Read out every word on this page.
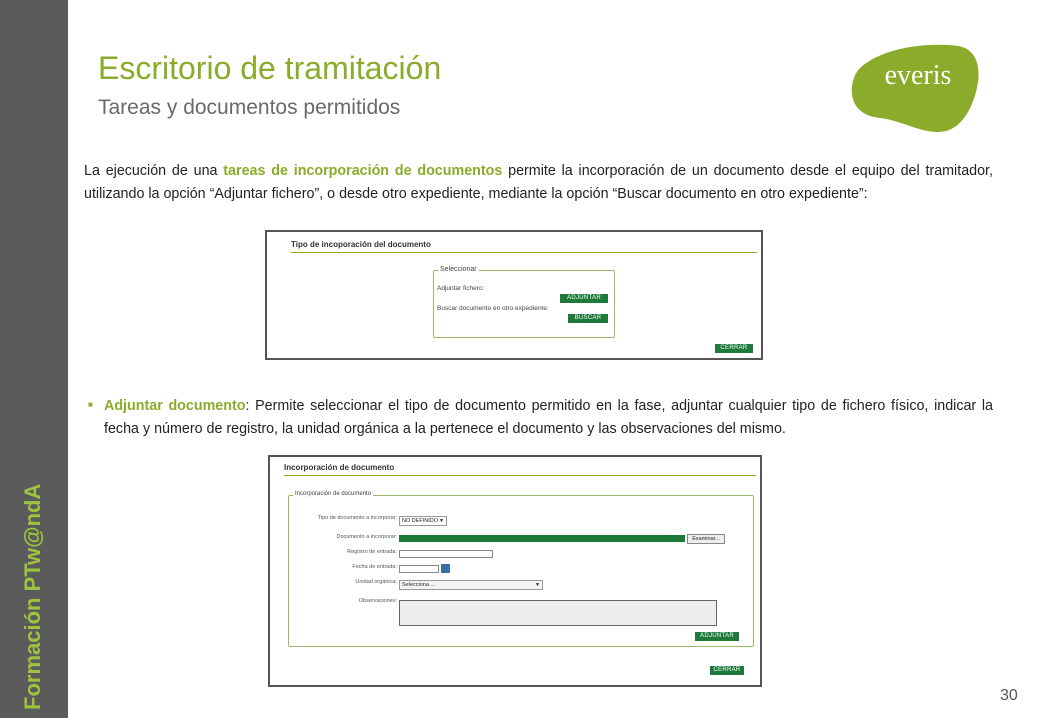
Formación PTw@ndA
Escritorio de tramitación
Tareas y documentos permitidos
everis
La ejecución de una tareas de incorporación de documentos permite la incorporación de un documento desde el equipo del tramitador, utilizando la opción “Adjuntar fichero”, o desde otro expediente, mediante la opción “Buscar documento en otro expediente”:
Tipo de incoporación del documento
Seleccionar
Adjuntar fichero:
ADJUNTAR
Buscar documento en otro expediente:
BUSCAR
CERRAR
■ Adjuntar documento: Permite seleccionar el tipo de documento permitido en la fase, adjuntar cualquier tipo de fichero físico, indicar la fecha y número de registro, la unidad orgánica a la pertenece el documento y las observaciones del mismo.
Incorporación de documento
Incorporación de documento
Tipo de documento a incorporar: NO DEFINIDO ▼
Documento a incorporar:	Examinar...
Registro de entrada:
Fecha de entrada:
Unidad orgánica: Selecciona ...	▼
Observaciones:
ADJUNTAR
CERRAR
30
